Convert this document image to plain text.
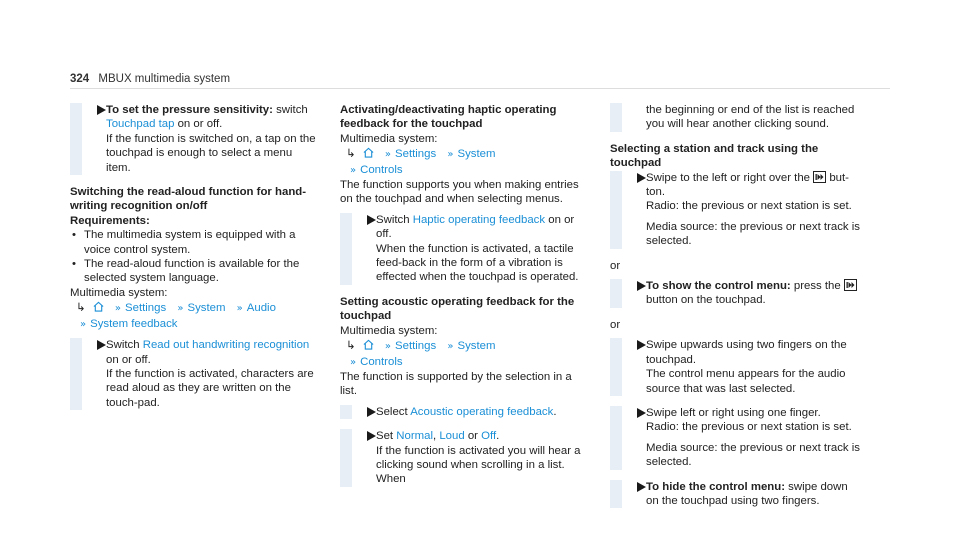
324 MBUX multimedia system

To set the pressure sensitivity: switch
Touchpad tap on or off.
If the function is switched on, a tap on the touchpad is enough to select a menu item.

Switching the read-aloud function for hand-writing recognition on/off

Requirements:

• The multimedia system is equipped with a voice control system.
• The read-aloud function is available for the selected system language.

Multimedia system:

↳	» Settings » System » Audio
» System feedback

Switch Read out handwriting recognition on or off.
If the function is activated, characters are read aloud as they are written on the touch-pad.

Activating/deactivating haptic operating feedback for the touchpad

Multimedia system:

↳	» Settings » System
» Controls

The function supports you when making entries on the touchpad and when selecting menus.

Switch Haptic operating feedback on or off.
When the function is activated, a tactile feed-back in the form of a vibration is effected when the touchpad is operated.

Setting acoustic operating feedback for the touchpad

Multimedia system:

↳	» Settings » System
» Controls

The function is supported by the selection in a list.

Select Acoustic operating feedback.

Set Normal, Loud or Off.
If the function is activated you will hear a clicking sound when scrolling in a list. When

the beginning or end of the list is reached you will hear another clicking sound.

Selecting a station and track using the touchpad

Swipe to the left or right over the  but-ton.
Radio: the previous or next station is set.

Media source: the previous or next track is selected.

or

To show the control menu: press the
button on the touchpad.

or

Swipe upwards using two fingers on the touchpad.
The control menu appears for the audio source that was last selected.

Swipe left or right using one finger.
Radio: the previous or next station is set.

Media source: the previous or next track is selected.

To hide the control menu: swipe down on the touchpad using two fingers.
